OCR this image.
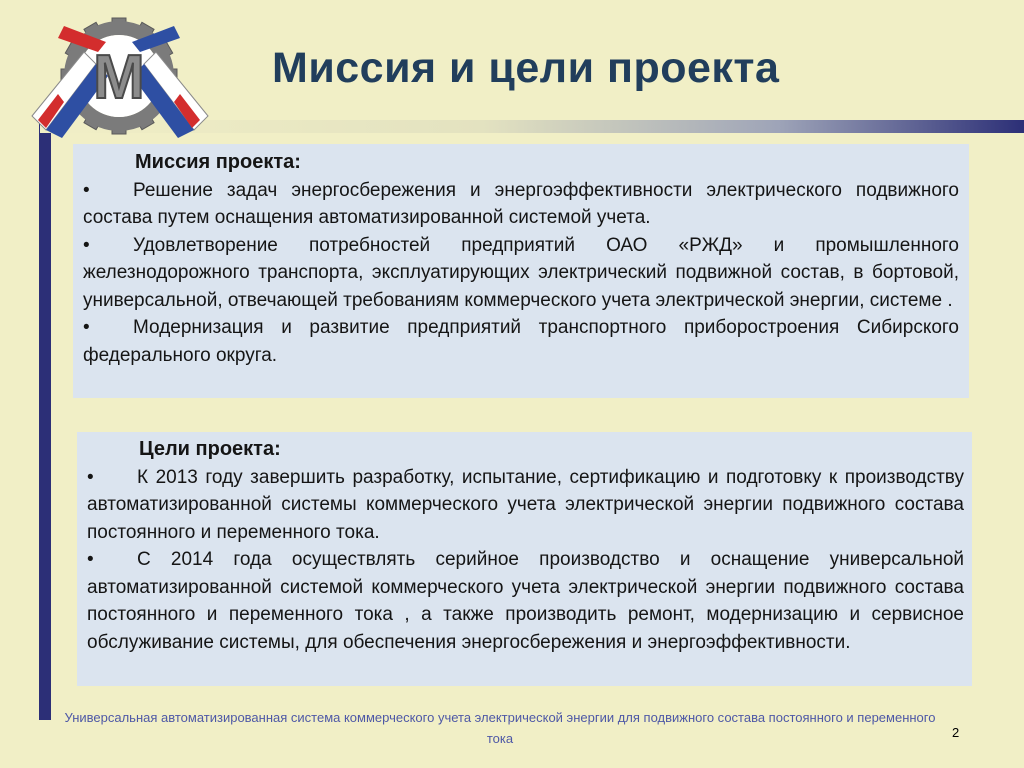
М	Миссия и цели проекта
Миссия проекта:
• Решение задач энергосбережения и энергоэффективности электрического подвижного состава путем оснащения автоматизированной системой учета.
• Удовлетворение потребностей предприятий ОАО «РЖД» и промышленного железнодорожного транспорта, эксплуатирующих электрический подвижной состав, в бортовой, универсальной, отвечающей требованиям коммерческого учета электрической энергии, системе .
• Модернизация и развитие предприятий транспортного приборостроения Сибирского федерального округа.
Цели проекта:
• К 2013 году завершить разработку, испытание, сертификацию и подготовку к производству автоматизированной системы коммерческого учета электрической энергии подвижного состава постоянного и переменного тока.
• С 2014 года осуществлять серийное производство и оснащение универсальной автоматизированной системой коммерческого учета электрической энергии подвижного состава постоянного и переменного тока , а также производить ремонт, модернизацию и сервисное обслуживание системы, для обеспечения энергосбережения и энергоэффективности.

Универсальная автоматизированная система коммерческого учета электрической энергии для подвижного состава постоянного и переменного тока	2
